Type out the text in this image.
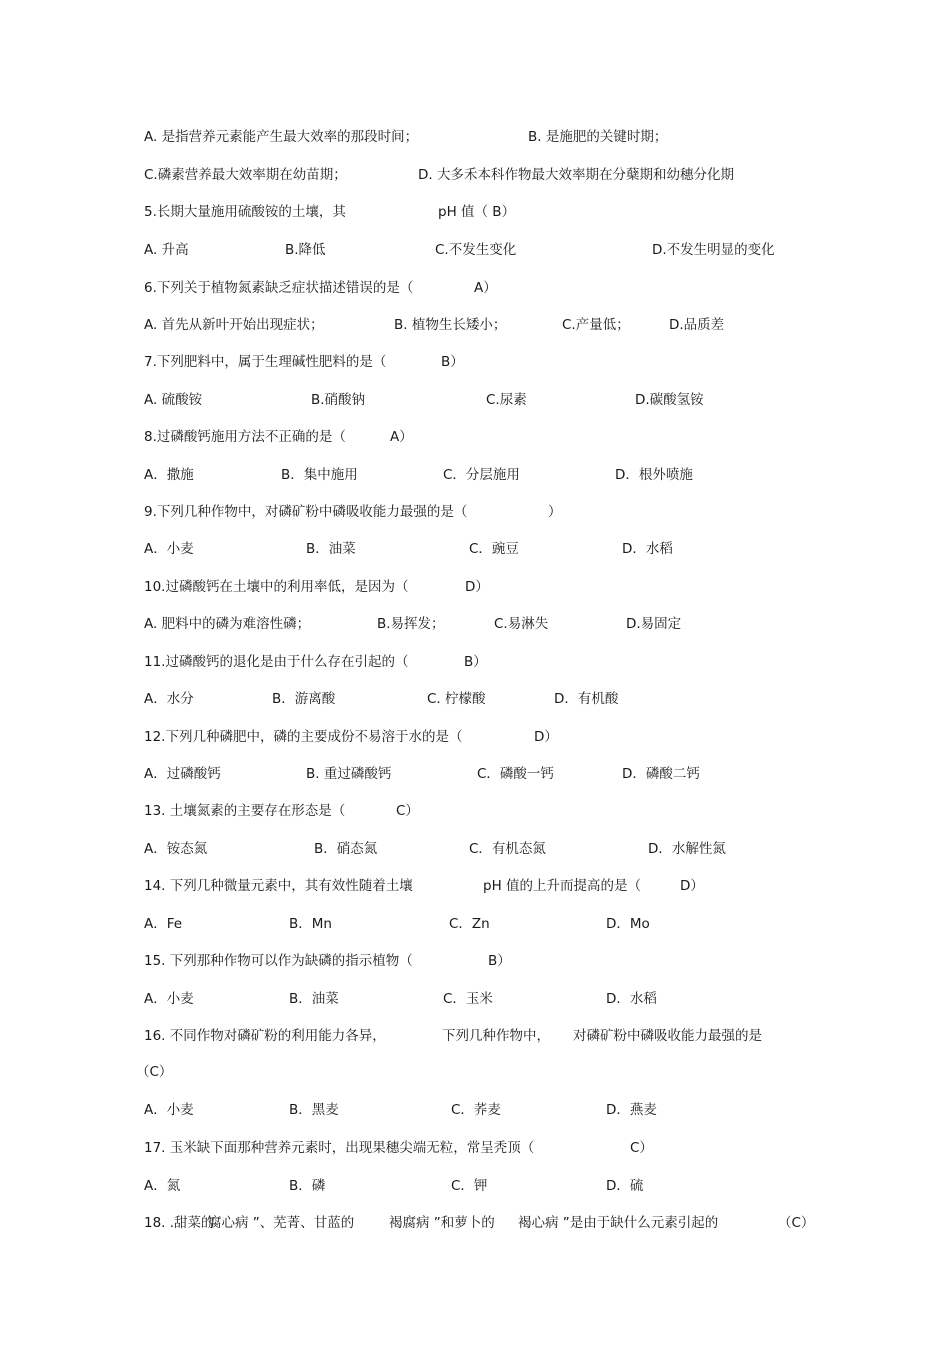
A. 是指营养元素能产生最大效率的那段时间；	B. 是施肥的关键时期；
C.磷素营养最大效率期在幼苗期；	D. 大多禾本科作物最大效率期在分蘖期和幼穗分化期
5.长期大量施用硫酸铵的土壤，其	pH 值（ B）
A. 升高	B.降低	C.不发生变化	D.不发生明显的变化
6.下列关于植物氮素缺乏症状描述错误的是（	A）
A. 首先从新叶开始出现症状；	B. 植物生长矮小；	C.产量低；	D.品质差
7.下列肥料中，属于生理碱性肥料的是（	B）
A. 硫酸铵	B.硝酸钠	C.尿素	D.碳酸氢铵
8.过磷酸钙施用方法不正确的是（	A）
A．撒施	B．集中施用	C．分层施用	D．根外喷施
9.下列几种作物中，对磷矿粉中磷吸收能力最强的是（	）
A．小麦	B．油菜	C．豌豆	D．水稻
10.过磷酸钙在土壤中的利用率低，是因为（	D）
A. 肥料中的磷为难溶性磷；	B.易挥发；	C.易淋失	D.易固定
11.过磷酸钙的退化是由于什么存在引起的（	B）
A．水分	B．游离酸	C. 柠檬酸	D．有机酸
12.下列几种磷肥中，磷的主要成份不易溶于水的是（	D）
A．过磷酸钙	B. 重过磷酸钙	C．磷酸一钙	D．磷酸二钙
13. 土壤氮素的主要存在形态是（	C）
A．铵态氮	B．硝态氮	C．有机态氮	D．水解性氮
14. 下列几种微量元素中，其有效性随着土壤	pH 值的上升而提高的是（	D）
A．Fe	B．Mn	C．Zn	D．Mo
15. 下列那种作物可以作为缺磷的指示植物（	B）
A．小麦	B．油菜	C．玉米	D．水稻
16. 不同作物对磷矿粉的利用能力各异，	下列几种作物中， 对磷矿粉中磷吸收能力最强的是
（C）
A．小麦	B．黑麦	C．荞麦	D．燕麦
17. 玉米缺下面那种营养元素时，出现果穗尖端无粒，常呈秃顶（	C）
A．氮	B．磷	C．钾	D．硫
18. .甜菜的
腐心病 ”、芜菁、甘蓝的	褐腐病 ”和萝卜的 褐心病 ”是由于缺什么元素引起的	（C）
